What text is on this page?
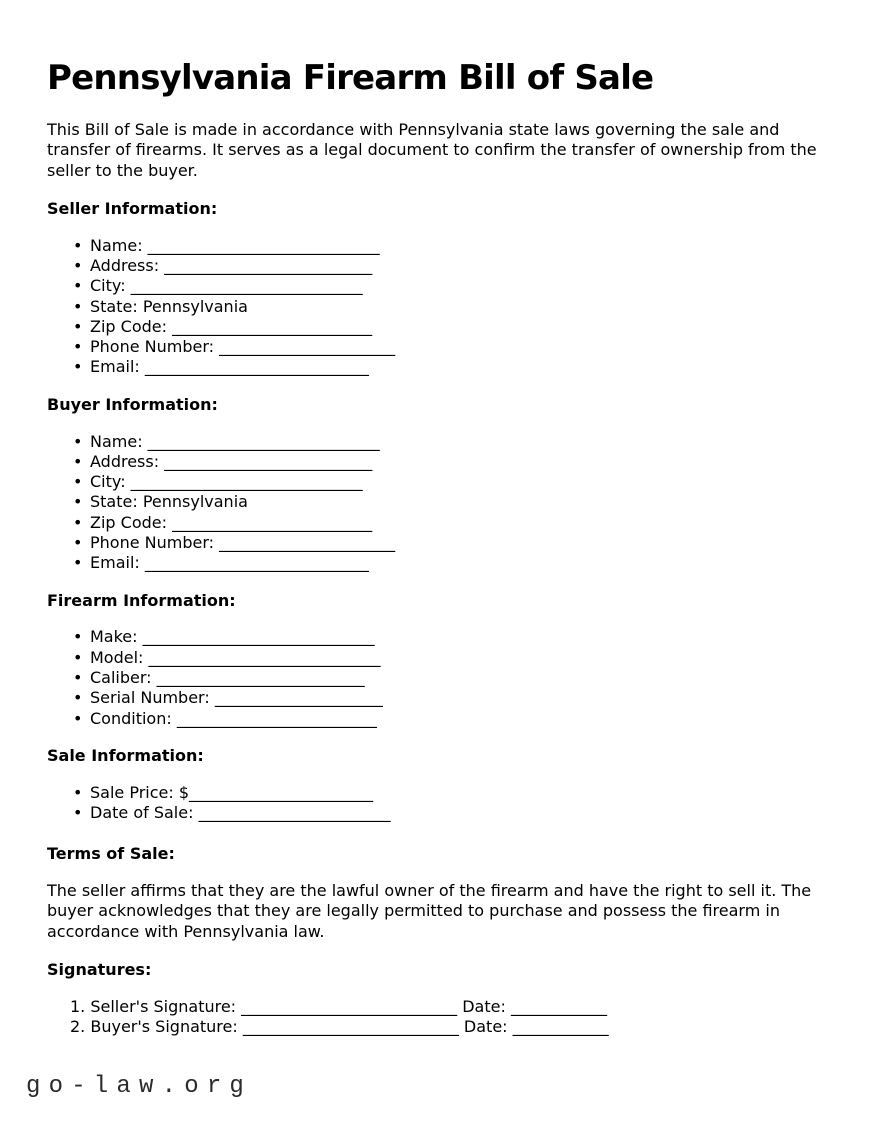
Pennsylvania Firearm Bill of Sale

This Bill of Sale is made in accordance with Pennsylvania state laws governing the sale and transfer of firearms. It serves as a legal document to confirm the transfer of ownership from the seller to the buyer.

Seller Information:
• Name: _____________________________
• Address: __________________________
• City: _____________________________
• State: Pennsylvania
• Zip Code: _________________________
• Phone Number: ______________________
• Email: ____________________________
Buyer Information:
• Name: _____________________________
• Address: __________________________
• City: _____________________________
• State: Pennsylvania
• Zip Code: _________________________
• Phone Number: ______________________
• Email: ____________________________
Firearm Information:
• Make: _____________________________
• Model: _____________________________
• Caliber: __________________________
• Serial Number: _____________________
• Condition: _________________________
Sale Information:
• Sale Price: $_______________________
• Date of Sale: ________________________
Terms of Sale:

The seller affirms that they are the lawful owner of the firearm and have the right to sell it. The buyer acknowledges that they are legally permitted to purchase and possess the firearm in accordance with Pennsylvania law.

Signatures:
1. Seller's Signature: ___________________________ Date: ____________
2. Buyer's Signature: ___________________________ Date: ____________
go-law.org
